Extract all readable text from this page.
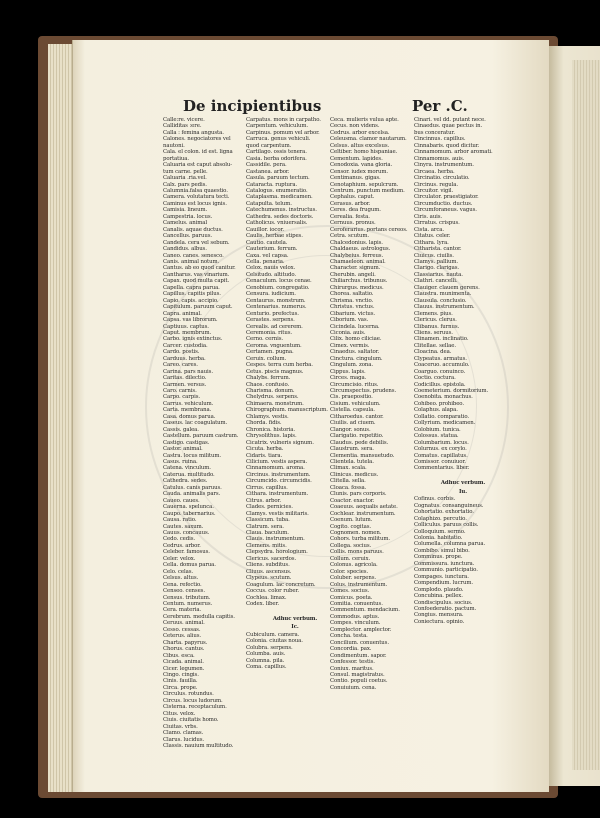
De incipientibus	Per .C.
Calle:re. vicere.
Calliditas :ere.
Calla : femina angusta.
Calones. negociatores vel
nautoni.
Cala. el colon. id est. ligna
portatiua.
Caluaria est caput absolu-
tum carne. pelle.
Caluaria .ria.vel.
Calx. pars pedis.
Calumnia.falsa quaestio.
Camera. volutatura tecti.
Caminus est locus ignis.
Camisia. lineum.
Campestria. locus.
Camelus. animal
Canalis. aquae ductus.
Cancellus. paruus.
Candela. cera vel sebum.
Candidus. albus.
Caneo. canes. senesco.
Canis. animal notum.
Cantus. ab eo quod canitur.
Cantharus. vas vinarium.
Capax. quod multa capit.
Capella. capra parua.
Capillus. capitis pilus.
Capio. capis. accipio.
Capitulum. paruum caput.
Capra. animal.
Capsa. vas librorum.
Captiuus. captus.
Caput. membrum.
Carbo. ignis extinctus.
Carcer. custodia.
Cardo. postis.
Carduus. herba.
Careo. cares.
Carina. pars nauis.
Caritas. dilectio.
Carmen. versus.
Caro. carnis.
Carpo. carpis.
Carrus. vehiculum.
Carta. membrana.
Casa. domus parua.
Caseus. lac coagulatum.
Cassis. galea.
Castellum. paruum castrum.
Castigo. castigas.
Castor. animal.
Castra. locus militum.
Casus. ruina.
Catena. vinculum.
Caterua. multitudo.
Cathedra. sedes.
Catulus. canis paruus.
Cauda. animalis pars.
Caueo. caues.
Cauerna. spelunca.
Caupo. tabernarius.
Causa. ratio.
Cautes. saxum.
Cauus. concauus.
Cedo. cedis.
Cedrus. arbor.
Celeber. famosus.
Celer. velox.
Cella. domus parua.
Celo. celas.
Celsus. altus.
Cena. refectio.
Censeo. censes.
Census. tributum.
Centum. numerus.
Cera. materia.
Cerebrum. medulla capitis.
Ceruus. animal.
Cesso. cessas.
Ceterus. alius.
Charta. papyrus.
Chorus. cantus.
Cibus. esca.
Cicada. animal.
Cicer. legumen.
Cingo. cingis.
Cinis. fauilla.
Circa. prope.
Circulus. rotundus.
Circus. locus ludorum.
Cisterna. receptaculum.
Citus. velox.
Ciuis. ciuitatis homo.
Ciuitas. vrbs.
Clamo. clamas.
Clarus. lucidus.
Classis. nauium multitudo.
Carpatus. mons in carpatho.
Carpentum. vehiculum.
Carpinus. pomum vel arbor.
Carruca. genus vehiculi.
quod carpentum.
Cartilago. ossis tenera.
Casia. herba odorifera.
Cassidile. pera.
Castanea. arbor.
Casula. paruum tectum.
Cataracta. ruptura.
Catalogus. enumeratio.
Cataplasma. medicamen.
Catapulta. telum.
Catechumenus. instructus.
Cathedra. sedes doctoris.
Catholicus. vniuersalis.
Cauillor. iocor.
Caulis. herbae stipes.
Cautio. cautela.
Cauterium. ferrum.
Caxa. vel capsa.
Cella. penaria.
Celox. nauis velox.
Celsitudo. altitudo.
Cenaculum. locus cenae.
Cenobium. congregatio.
Censura. iudicium.
Centaurus. monstrum.
Centenarius. numerus.
Centurio. prefectus.
Cerastes. serpens.
Cerealis. ad cererem.
Ceremonia. ritus.
Cerno. cernis.
Ceroma. vnguentum.
Certamen. pugna.
Ceruix. collum.
Cespes. terra cum herba.
Cetus. piscis magnus.
Chalybs. ferrum.
Chaos. confusio.
Charisma. donum.
Chelydrus. serpens.
Chimaera. monstrum.
Chirographum. manuscriptum.
Chlamys. vestis.
Chorda. fidis.
Chronica. historia.
Chrysolithus. lapis.
Cicatrix. vulneris signum.
Cicuta. herba.
Cidaris. tiara.
Cilicium. vestis aspera.
Cinnamomum. aroma.
Circinus. instrumentum.
Circumcido. circumcidis.
Cirrus. capillus.
Cithara. instrumentum.
Citrus. arbor.
Clades. pernicies.
Clamys. vestis militaris.
Classicum. tuba.
Clatrum. sera.
Claua. baculum.
Clauis. instrumentum.
Clemens. mitis.
Clepsydra. horologium.
Clericus. sacerdos.
Cliens. subditus.
Cliuus. ascensus.
Clypeus. scutum.
Coagulum. lac concretum.
Coccus. color ruber.
Cochlea. limax.
Codex. liber.

Adhuc verbum.
Ic.
Cubiculum. camera.
Colonia. ciuitas noua.
Colubra. serpens.
Columba. auis.
Columna. pila.
Coma. capillus.
Ceca. mulieris vulua apte.
Cecus. non videns.
Cedrus. arbor excelsa.
Celeusma. clamor nautarum.
Celsus. altus excelsus.
Celtiber. homo hispaniae.
Cementum. lapides.
Cenodoxia. vana gloria.
Censor. iudex morum.
Centimanus. gigas.
Cenotaphium. sepulcrum.
Centrum. punctum medium.
Cephalus. caput.
Cerasus. arbor.
Ceres. dea frugum.
Cerealia. festa.
Cernuus. pronus.
Ceroferarius. portans cereos.
Cetra. scutum.
Chalcedonius. lapis.
Chaldaeus. astrologus.
Chalybeius. ferreus.
Chamaeleon. animal.
Character. signum.
Cherubin. angeli.
Chiliarchus. tribunus.
Chirurgus. medicus.
Chorea. saltatio.
Chrisma. vnctio.
Christus. vnctus.
Cibarium. victus.
Ciborium. vas.
Cicindela. lucerna.
Ciconia. auis.
Cilix. homo ciliciae.
Cimex. vermis.
Cinaedus. saltator.
Cinctura. cingulum.
Cingulum. zona.
Cippus. lapis.
Circes. maga.
Circumcisio. ritus.
Circumspectus. prudens.
Cis. praepositio.
Cisium. vehiculum.
Cistella. capsula.
Citharoedus. cantor.
Ciuilis. ad ciuem.
Clangor. sonus.
Clarigatio. repetitio.
Claudus. pede debilis.
Claustrum. sera.
Clementia. mansuetudo.
Clientela. tutela.
Climax. scala.
Clinicus. medicus.
Clitella. sella.
Cloaca. fossa.
Clunis. pars corporis.
Coactor. exactor.
Coaeuus. aequalis aetate.
Cochlear. instrumentum.
Coenum. lutum.
Cogito. cogitas.
Cognomen. nomen.
Cohors. turba militum.
Collega. socius.
Collis. mons paruus.
Collum. ceruix.
Colonus. agricola.
Color. species.
Coluber. serpens.
Colus. instrumentum.
Comes. socius.
Comicus. poeta.
Comitia. conuentus.
Commentum. mendacium.
Commodus. aptus.
Compes. vinculum.
Complector. amplector.
Concha. testa.
Concilium. conuentus.
Concordia. pax.
Condimentum. sapor.
Confessor. testis.
Coniux. maritus.
Consul. magistratus.
Contio. populi coetus.
Conuiuium. cena.
Cinari. vel dd. putant nece.
Cinaedus. quae pectus in.
bus conceratur.
Cincinnus. capillus.
Cinnabaris. quod dicitur.
Cinnamomum. arbor aromati.
Cinnamomus. auis.
Cinyra. instrumentum.
Circaea. herba.
Circinatio. circulatio.
Circinus. regula.
Circuitor. vigil.
Circulator. praestigiator.
Circumductio. ductus.
Circumforaneus. vagus.
Ciris. auis.
Cirratus. crispus.
Cista. arca.
Citatus. celer.
Cithara. lyra.
Citharista. cantor.
Ciuicus. ciuilis.
Clamys. pallium.
Clarigo. clarigas.
Classiarius. nauta.
Clathri. cancelli.
Clauiger. clauem gerens.
Claustra. munimenta.
Clausula. conclusio.
Clauus. instrumentum.
Clemens. pius.
Clericus. clerus.
Clibanus. furnus.
Cliens. seruus.
Clinamen. inclinatio.
Clitellae. sellae.
Cloacina. dea.
Clypeatus. armatus.
Coaceruo. accumulo.
Coarguo. conuinco.
Coctio. coctura.
Codicillus. epistola.
Coemeterium. dormitorium.
Coenobita. monachus.
Cohibeo. prohibeo.
Colaphus. alapa.
Collatio. comparatio.
Collyrium. medicamen.
Colobium. tunica.
Colossus. statua.
Columbarium. locus.
Colurnus. ex corylo.
Comatus. capillatus.
Comissor. conuiuor.
Commentarius. liber.

Adhuc verbum.
Iu.
Cofinus. corbis.
Cognatus. consanguineus.
Cohortatio. exhortatio.
Colaphizo. percutio.
Colliculus. paruus collis.
Colloquium. sermo.
Colonia. habitatio.
Columella. columna parua.
Combibo. simul bibo.
Comminus. prope.
Commissura. iunctura.
Communio. participatio.
Compages. iunctura.
Compendium. lucrum.
Complodo. plaudo.
Concubina. pellex.
Condiscipulus. socius.
Confoederatio. pactum.
Congius. mensura.
Coniectura. opinio.
